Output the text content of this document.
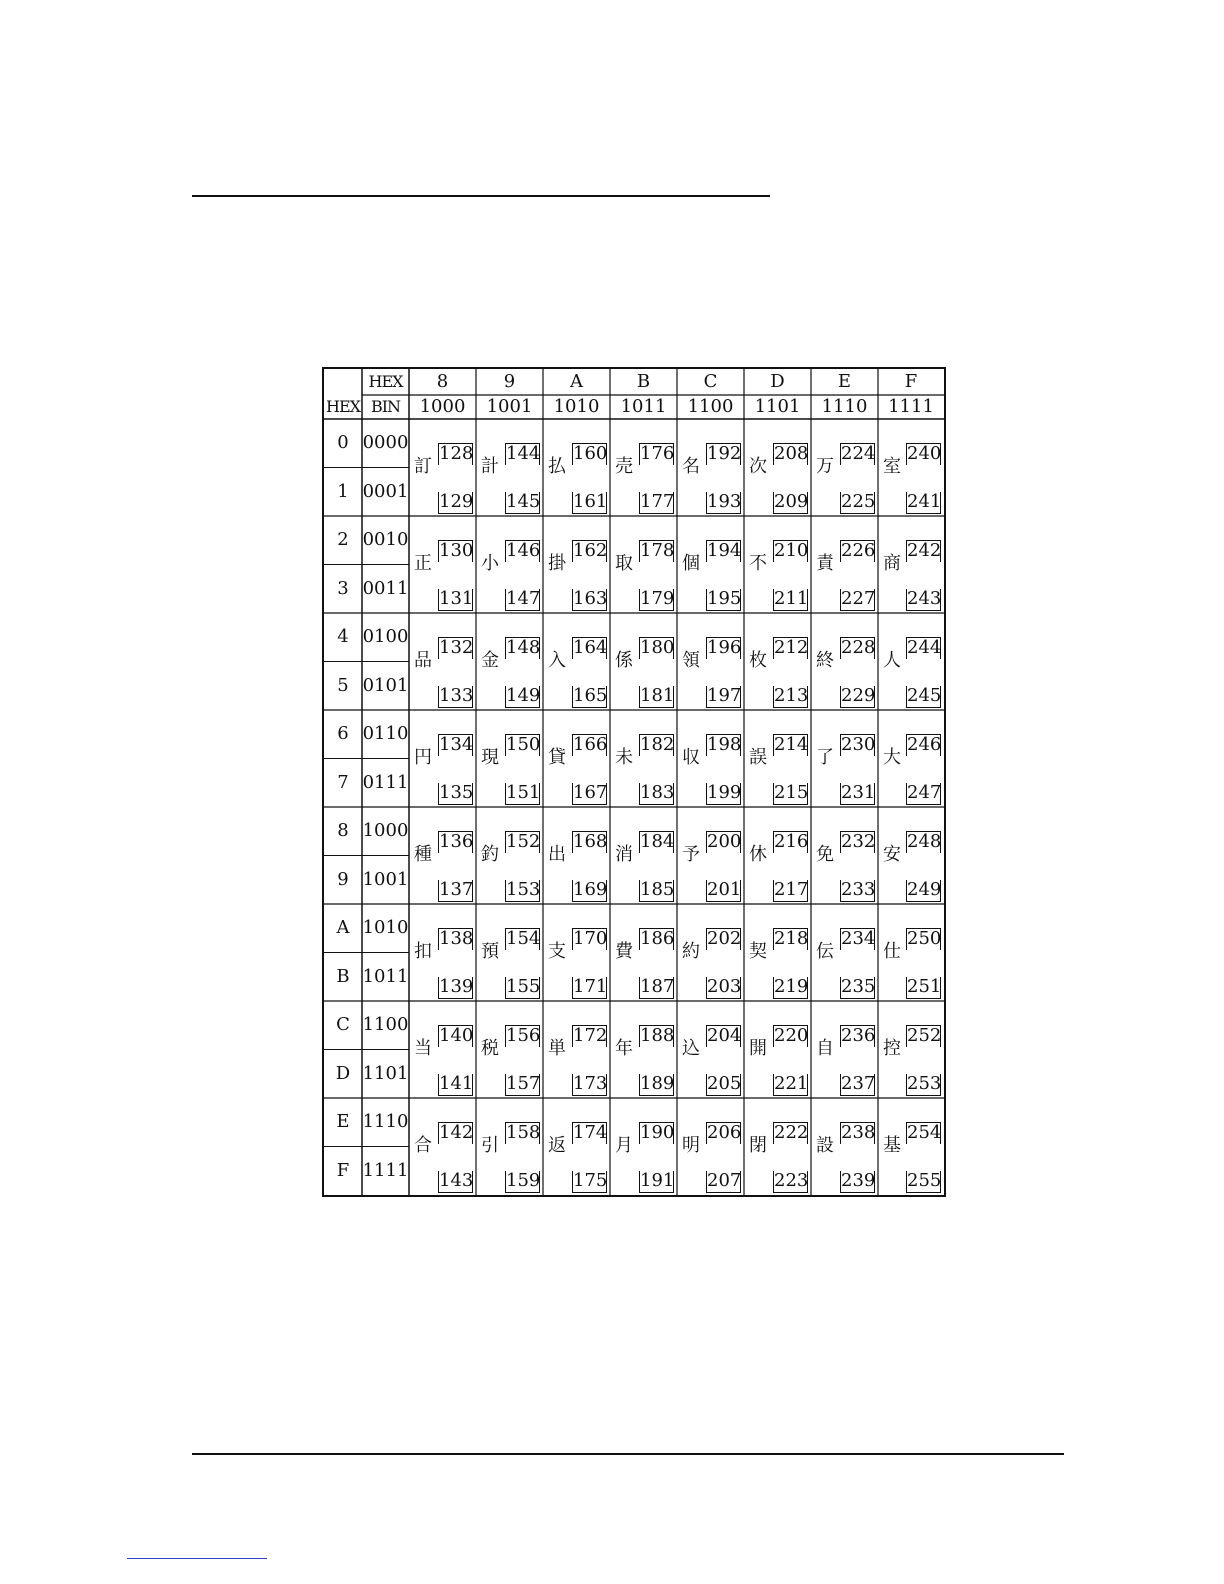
HEX
HEX BIN
8
1000
9
1001
A
1010
B
1011
C
1100
D
1101
E
1110
F
1111
0 0000
1 0001
2 0010
3 0011
4 0100
5 0101
6 0110
7 0111
8 1000
9 1001
A 1010
B 1011
C 1100
D 1101
E 1110
F 1111
訂
128
129
計
144
145
払
160
161
売
176
177
名
192
193
次
208
209
万
224
225
室
240
241
正
130
131
小
146
147
掛
162
163
取
178
179
個
194
195
不
210
211
責
226
227
商
242
243
品
132
133
金
148
149
入
164
165
係
180
181
領
196
197
枚
212
213
終
228
229
人
244
245
円
134
135
現
150
151
貸
166
167
未
182
183
収
198
199
誤
214
215
了
230
231
大
246
247
種
136
137
釣
152
153
出
168
169
消
184
185
予
200
201
休
216
217
免
232
233
安
248
249
扣
138
139
預
154
155
支
170
171
費
186
187
約
202
203
契
218
219
伝
234
235
仕
250
251
当
140
141
税
156
157
単
172
173
年
188
189
込
204
205
開
220
221
自
236
237
控
252
253
合
142
143
引
158
159
返
174
175
月
190
191
明
206
207
閉
222
223
設
238
239
基
254
255
